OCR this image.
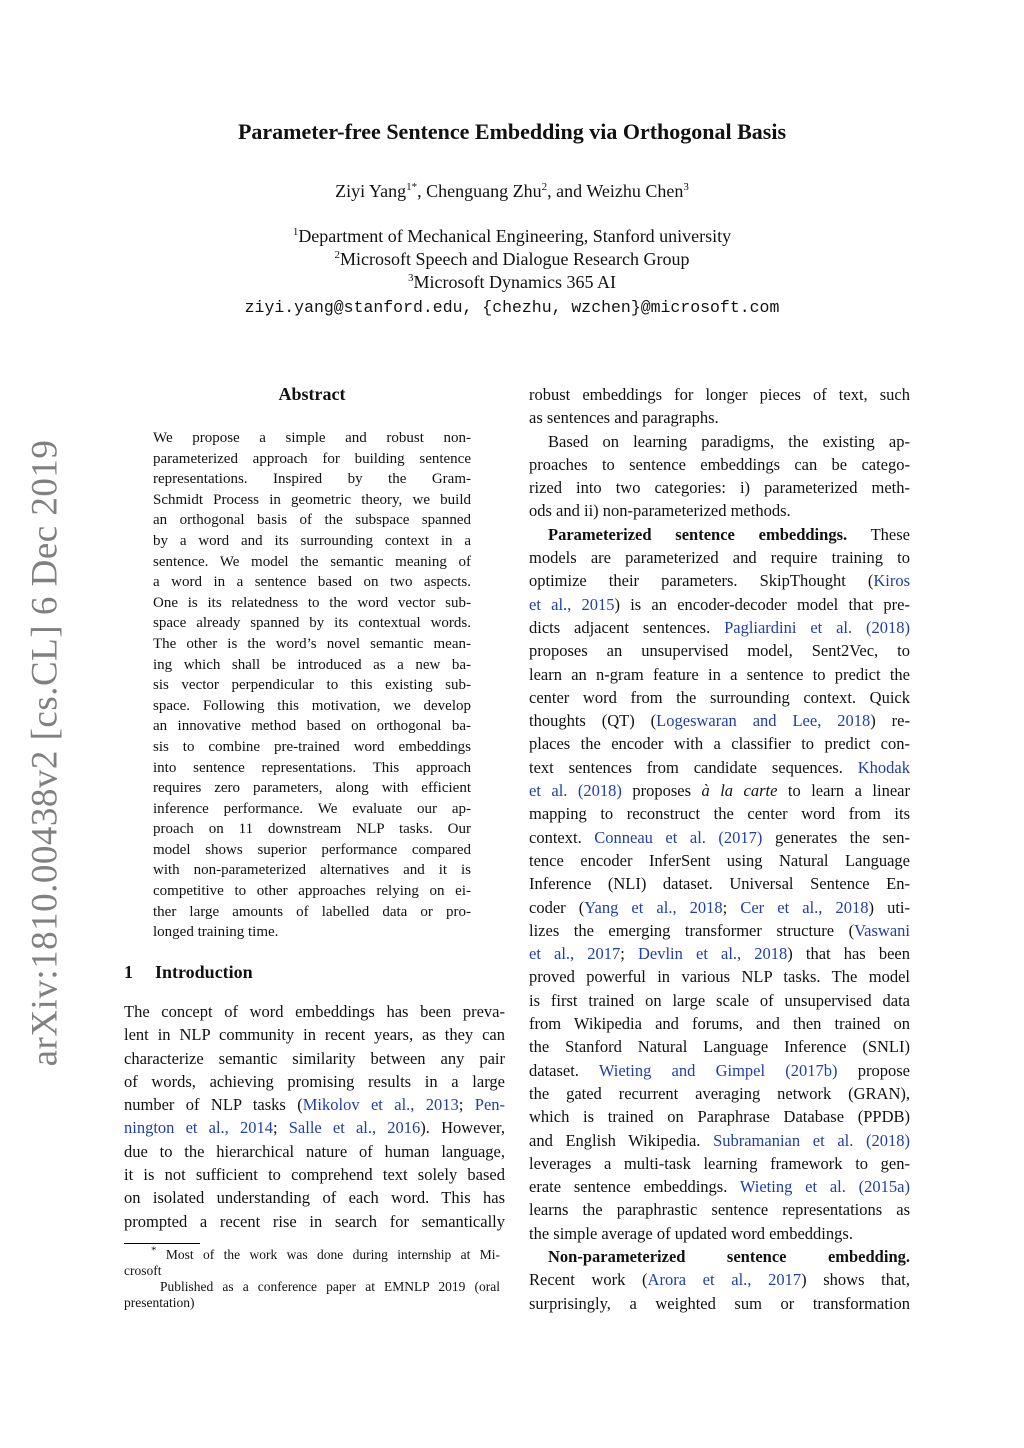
arXiv:1810.00438v2 [cs.CL] 6 Dec 2019
Parameter-free Sentence Embedding via Orthogonal Basis
Ziyi Yang$^{1*}$, Chenguang Zhu$^2$, and Weizhu Chen$^3$
$^1$Department of Mechanical Engineering, Stanford university
$^2$Microsoft Speech and Dialogue Research Group
$^3$Microsoft Dynamics 365 AI
ziyi.yang@stanford.edu, {chezhu, wzchen}@microsoft.com
Abstract
We propose a simple and robust non-
parameterized approach for building sentence
representations. Inspired by the Gram-
Schmidt Process in geometric theory, we build
an orthogonal basis of the subspace spanned
by a word and its surrounding context in a
sentence. We model the semantic meaning of
a word in a sentence based on two aspects.
One is its relatedness to the word vector sub-
space already spanned by its contextual words.
The other is the word’s novel semantic mean-
ing which shall be introduced as a new ba-
sis vector perpendicular to this existing sub-
space. Following this motivation, we develop
an innovative method based on orthogonal ba-
sis to combine pre-trained word embeddings
into sentence representations. This approach
requires zero parameters, along with efficient
inference performance. We evaluate our ap-
proach on 11 downstream NLP tasks. Our
model shows superior performance compared
with non-parameterized alternatives and it is
competitive to other approaches relying on ei-
ther large amounts of labelled data or pro-
longed training time.
1 Introduction
The concept of word embeddings has been preva-
lent in NLP community in recent years, as they can
characterize semantic similarity between any pair
of words, achieving promising results in a large
number of NLP tasks (Mikolov et al., 2013; Pen-
nington et al., 2014; Salle et al., 2016). However,
due to the hierarchical nature of human language,
it is not sufficient to comprehend text solely based
on isolated understanding of each word. This has
prompted a recent rise in search for semantically
* Most of the work was done during internship at Mi-
crosoft
Published as a conference paper at EMNLP 2019 (oral
presentation)
robust embeddings for longer pieces of text, such
as sentences and paragraphs.
Based on learning paradigms, the existing ap-
proaches to sentence embeddings can be catego-
rized into two categories: i) parameterized meth-
ods and ii) non-parameterized methods.
Parameterized sentence embeddings. These
models are parameterized and require training to
optimize their parameters. SkipThought (Kiros
et al., 2015) is an encoder-decoder model that pre-
dicts adjacent sentences. Pagliardini et al. (2018)
proposes an unsupervised model, Sent2Vec, to
learn an n-gram feature in a sentence to predict the
center word from the surrounding context. Quick
thoughts (QT) (Logeswaran and Lee, 2018) re-
places the encoder with a classifier to predict con-
text sentences from candidate sequences. Khodak
et al. (2018) proposes à la carte to learn a linear
mapping to reconstruct the center word from its
context. Conneau et al. (2017) generates the sen-
tence encoder InferSent using Natural Language
Inference (NLI) dataset. Universal Sentence En-
coder (Yang et al., 2018; Cer et al., 2018) uti-
lizes the emerging transformer structure (Vaswani
et al., 2017; Devlin et al., 2018) that has been
proved powerful in various NLP tasks. The model
is first trained on large scale of unsupervised data
from Wikipedia and forums, and then trained on
the Stanford Natural Language Inference (SNLI)
dataset. Wieting and Gimpel (2017b) propose
the gated recurrent averaging network (GRAN),
which is trained on Paraphrase Database (PPDB)
and English Wikipedia. Subramanian et al. (2018)
leverages a multi-task learning framework to gen-
erate sentence embeddings. Wieting et al. (2015a)
learns the paraphrastic sentence representations as
the simple average of updated word embeddings.
Non-parameterized sentence embedding.
Recent work (Arora et al., 2017) shows that,
surprisingly, a weighted sum or transformation
